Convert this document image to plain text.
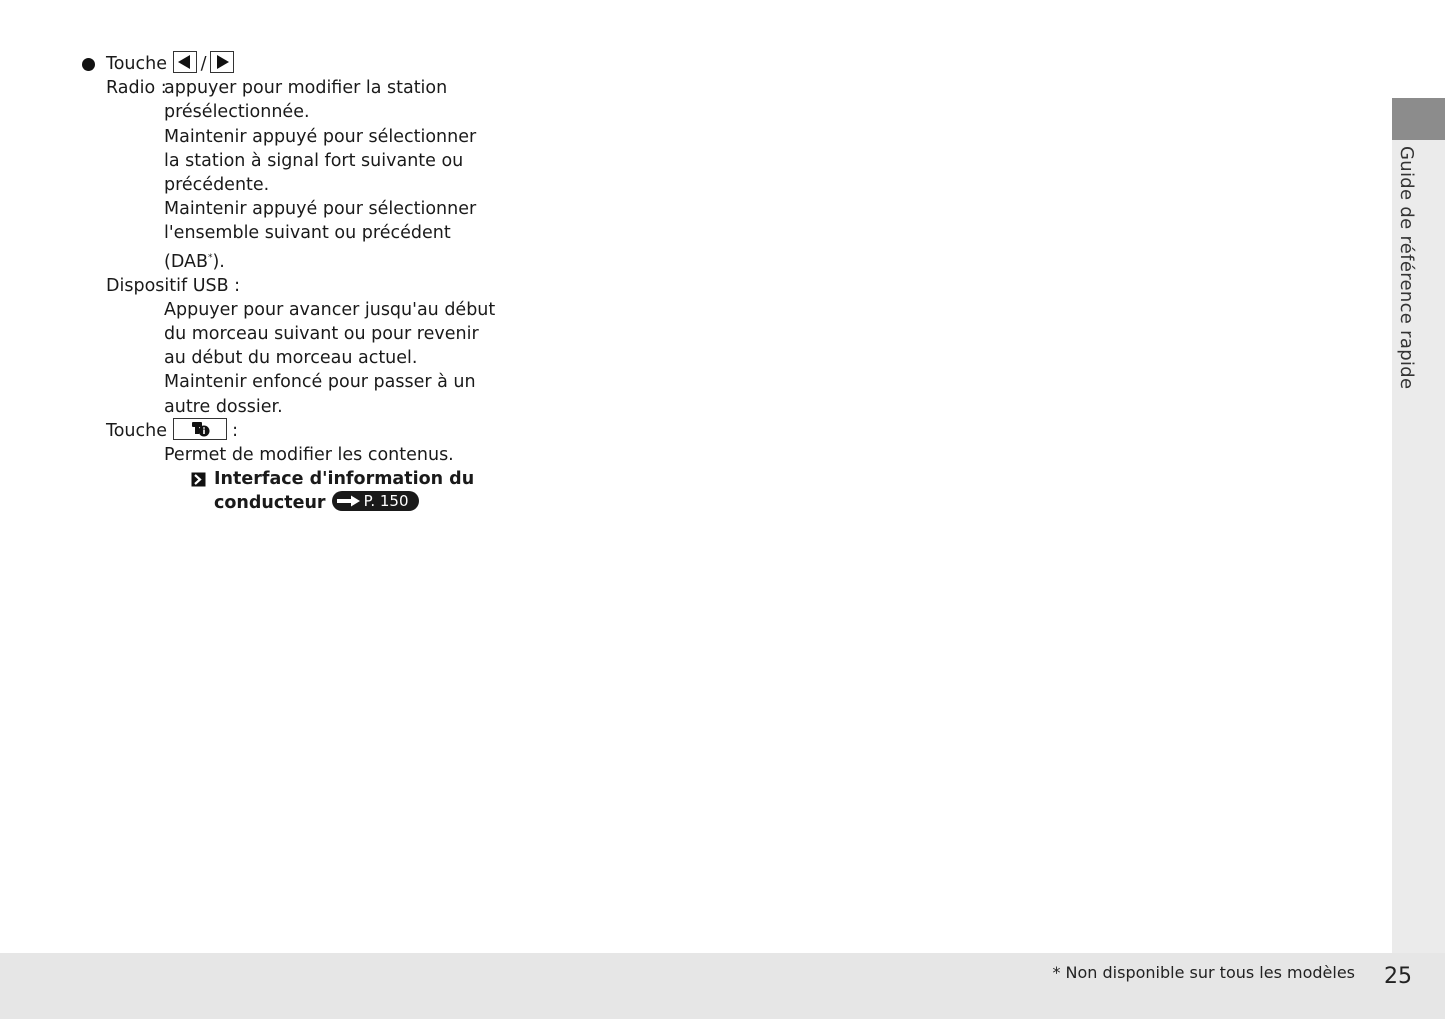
Guide de référence rapide
Touche /
Radio :
appuyer pour modifier la station
présélectionnée.
Maintenir appuyé pour sélectionner
la station à signal fort suivante ou
précédente.
Maintenir appuyé pour sélectionner
l'ensemble suivant ou précédent
(DAB*).
Dispositif USB :
Appuyer pour avancer jusqu'au début
du morceau suivant ou pour revenir
au début du morceau actuel.
Maintenir enfoncé pour passer à un
autre dossier.
Touche	:
Permet de modifier les contenus.
Interface d'information du
conducteur	P. 150
* Non disponible sur tous les modèles 25
